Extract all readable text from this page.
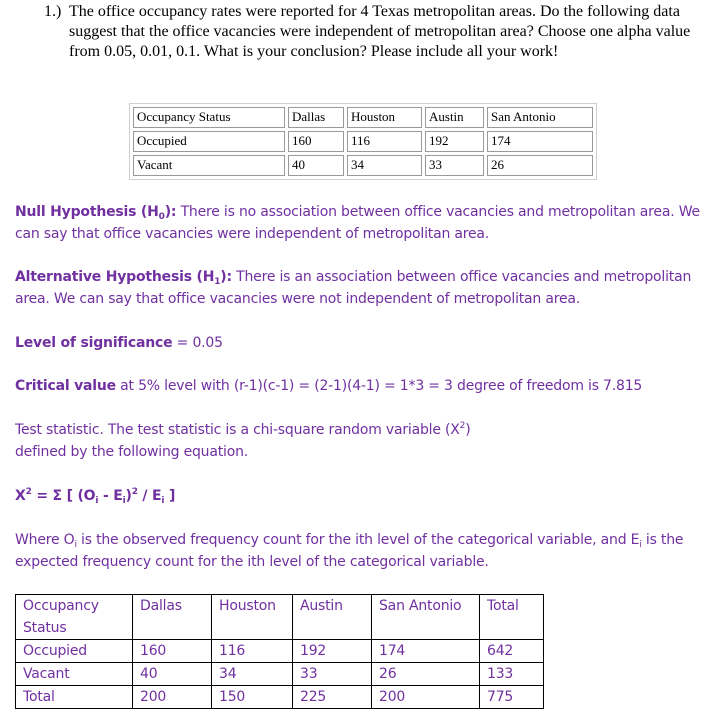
1.) The office occupancy rates were reported for 4 Texas metropolitan areas. Do the following data suggest that the office vacancies were independent of metropolitan area? Choose one alpha value from 0.05, 0.01, 0.1. What is your conclusion? Please include all your work!
Occupancy Status	Dallas	Houston	Austin	San Antonio
Occupied	160	116	192	174
Vacant	40	34	33	26
Null Hypothesis $(H_0)$: There is no association between office vacancies and metropolitan area. We can say that office vacancies were independent of metropolitan area.
Alternative Hypothesis $(H_1)$: There is an association between office vacancies and metropolitan area. We can say that office vacancies were not independent of metropolitan area.
Level of significance = 0.05
Critical value at 5% level with (r-1)(c-1) = (2-1)(4-1) = 1*3 = 3 degree of freedom is 7.815
Test statistic. The test statistic is a chi-square random variable $(X^2)$
defined by the following equation.
$X^2 = \Sigma$ [ $(O_i - E_i)^2 / E_i$ ]
Where $O_i$ is the observed frequency count for the ith level of the categorical variable, and $E_i$ is the expected frequency count for the ith level of the categorical variable.
Occupancy Status	Dallas	Houston	Austin	San Antonio	Total
Occupied	160	116	192	174	642
Vacant	40	34	33	26	133
Total	200	150	225	200	775
